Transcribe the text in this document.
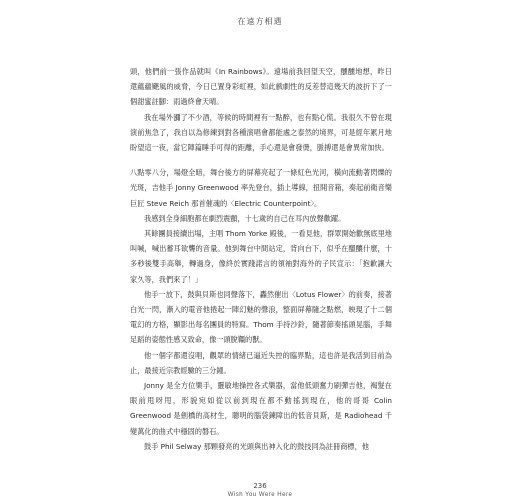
在遠方相遇

頭，他們前一張作品就叫《In Rainbows》。遠場前我回望天空，醺醺地想，昨日還蘊蘊颶風的威脅，今日已置身彩虹裡，如此戲劇性的反差替這幾天的波折下了一個甜蜜註腳：雨過終會天晴。

我在場外瀰了不少酒，等候的時間裡有一點醉，也有點心慌。我很久不曾在現演前焦急了，我自以為修練到對各種演唱會都能處之泰然的境界，可是經年累月地盼望這一夜，當它陣篇睡手可得的距離，手心還是會發燙，脈搏還是會異常加快。

八點零八分，場燈全暗，舞台後方的屏幕亮起了一條紅色光河，橫向流動著閃爍的光斑，吉他手 Jonny Greenwood 率先登台，插上導線，扭開音箱，奏起前衛音樂巨匠 Steve Reich 那首催魂的〈Electric Counterpoint〉。

我感到全身細胞都在劇烈震顫，十七歲的自己在耳內放聲歡躍。

其餘團員接續出場，主唱 Thom Yorke 殿後，一看見他，群眾開始歡無底里地叫喊，喊出蓄耳欲聾的音量。他到舞台中間站定，背向台下，似乎在醞釀什麼，十多秒後雙手高舉，轉過身，像終於實踐諾言的領袖對海外的子民宣示：「抱歉讓大家久等，我們來了！」

他手一放下，鼓與貝斯也同聲落下，轟然催出〈Lotus Flower〉的前奏，接著白光一閃，漸入的電音他捲起一陣幻魅的聲浪，整面屏幕隨之點燃，映現了十二個電幻的方格，顯影出每名團員的特寫。Thom 手持沙鈴，隨著節奏搖頭晃腦，手舞足蹈的姿態性感又致命，像一頭脫韁的獸。

他一個字都還沒唱，觀眾的情緒已逼近失控的臨界點，這也許是我活到目前為止，最接近宗教經驗的三分鐘。

Jonny 是全方位樂手，靈敏地操控各式樂器，當他低頭奮力刷彈吉他，褐髮在眼前甩呀甩，形貌宛如從以前到現在都不動搖到現在，他的哥哥 Colin Greenwood 是劍橋的高材生，聰明的腦袋鍊障出的低音貝斯，是 Radiohead 千變萬化的曲式中穩固的磐石。

鼓手 Phil Selway 那顆發亮的光頭與出神入化的鼓技同為註冊商標，他

236
Wish You Were Here
